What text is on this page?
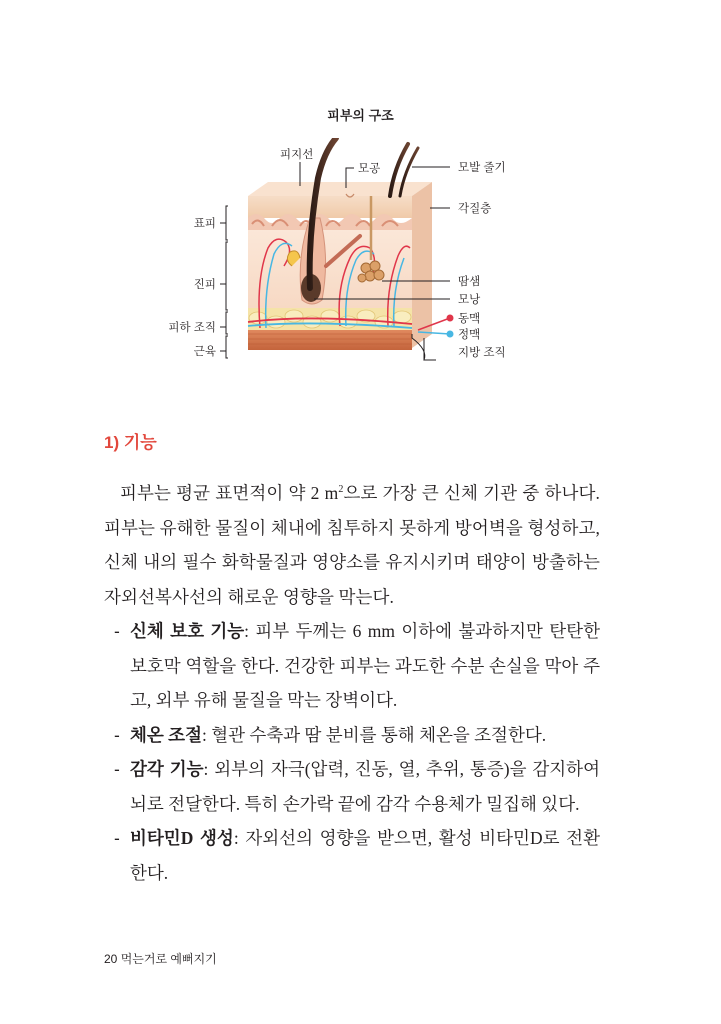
피부의 구조
피지선
모공	모발 줄기
각질층
표피
진피	땀샘
모낭
동맥
정맥
피하 조직
지방 조직
근육
1) 기능

피부는 평균 표면적이 약 2 $m^2$으로 가장 큰 신체 기관 중 하나다. 피부는 유해한 물질이 체내에 침투하지 못하게 방어벽을 형성하고, 신체 내의 필수 화학물질과 영양소를 유지시키며 태양이 방출하는 자외선복사선의 해로운 영향을 막는다.

- 신체 보호 기능: 피부 두께는 6 mm 이하에 불과하지만 탄탄한 보호막 역할을 한다. 건강한 피부는 과도한 수분 손실을 막아 주고, 외부 유해 물질을 막는 장벽이다.
- 체온 조절: 혈관 수축과 땀 분비를 통해 체온을 조절한다.
- 감각 기능: 외부의 자극(압력, 진동, 열, 추위, 통증)을 감지하여 뇌로 전달한다. 특히 손가락 끝에 감각 수용체가 밀집해 있다.
- 비타민D 생성: 자외선의 영향을 받으면, 활성 비타민D로 전환한다.
20 먹는거로 예뻐지기
